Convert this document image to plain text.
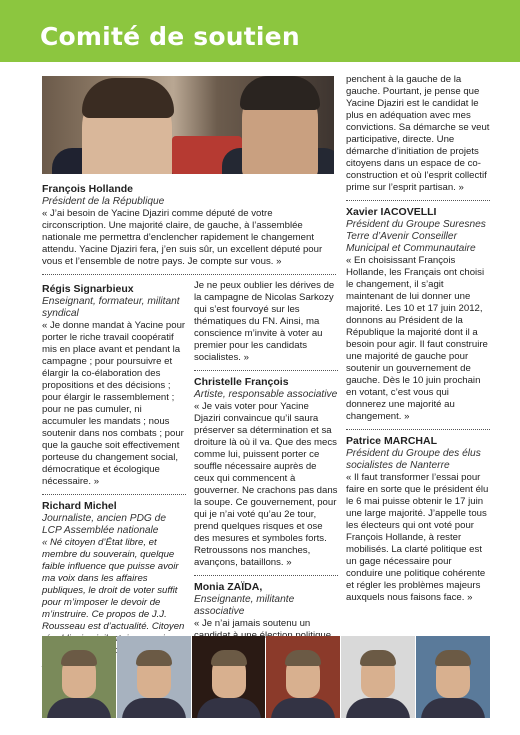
Comité de soutien
François Hollande
Président de la République

« J’ai besoin de Yacine Djaziri comme député de votre circonscription. Une majorité claire, de gauche, à l’assemblée nationale me permettra d’enclencher rapidement le changement attendu. Yacine Djaziri fera, j’en suis sûr, un excellent député pour vous et l’ensemble de notre pays. Je compte sur vous. »

Régis Signarbieux
Enseignant, formateur, militant syndical

« Je donne mandat à Yacine pour porter le riche travail coopératif mis en place avant et pendant la campagne ; pour poursuivre et élargir la co-élaboration des propositions et des décisions ; pour élargir le rassemblement ; pour ne pas cumuler, ni accumuler les mandats ; nous soutenir dans nos combats ; pour que la gauche soit effectivement porteuse du changement social, démocratique et écologique nécessaire. »

Richard Michel
Journaliste, ancien PDG de LCP Assemblée nationale

« Né citoyen d’État libre, et membre du souverain, quelque faible influence que puisse avoir ma voix dans les affaires publiques, le droit de voter suffit pour m’imposer le devoir de m’instruire. Ce propos de J.J. Rousseau est d’actualité. Citoyen

Je ne peux oublier les dérives de la campagne de Nicolas Sarkozy qui s’est fourvoyé sur les thématiques du FN. Ainsi, ma conscience m’invite à voter au premier pour les candidats socialistes. »

Christelle François
Artiste, responsable associative

« Je vais voter pour Yacine Djaziri convaincue qu’il saura préserver sa détermination et sa droiture là où il va. Que des mecs comme lui, puissent porter ce souffle nécessaire auprès de ceux qui commencent à gouverner. Ne crachons pas dans la soupe. Ce gouvernement, pour qui je n’ai voté qu’au 2e tour, prend quelques risques et ose des mesures et symboles forts. Retroussons nos manches, avançons, bataillons. »

Monia ZAÏDA,
Enseignante, militante associative

« Je n’ai jamais soutenu un

penchent à la gauche de la gauche. Pourtant, je pense que Yacine Djaziri est le candidat le plus en adéquation avec mes convictions. Sa démarche se veut participative, directe. Une démarche d’initiation de projets citoyens dans un espace de co-construction et où l’esprit collectif prime sur l’esprit partisan. »

Xavier IACOVELLI
Président du Groupe Suresnes Terre d’Avenir Conseiller Municipal et Communautaire

« En choisissant François Hollande, les Français ont choisi le changement, il s’agit maintenant de lui donner une majorité. Les 10 et 17 juin 2012, donnons au Président de la République la majorité dont il a besoin pour agir. Il faut construire une majorité de gauche pour soutenir un gouvernement de gauche. Dès le 10 juin prochain en votant, c’est vous qui donnerez une majorité au changement. »

Patrice MARCHAL
Président du Groupe des élus socialistes de Nanterre

« Il faut transformer l’essai pour faire en sorte que le président élu le 6 mai puisse obtenir le 17 juin une large majorité. J’appelle tous les électeurs qui ont voté pour François Hollande, à rester mobilisés. La clarté politique est un gage nécessaire pour conduire une politique cohérente et régler les problèmes majeurs auxquels nous faisons face. »
